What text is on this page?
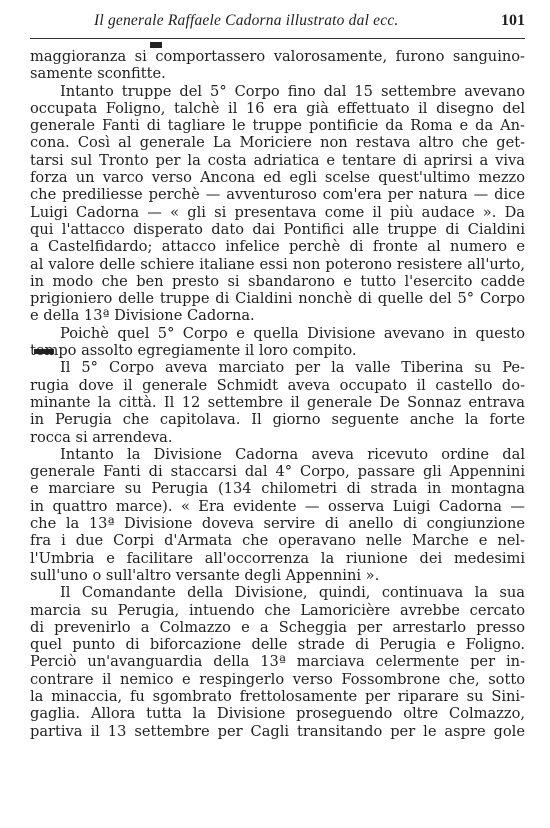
Il generale Raffaele Cadorna illustrato dal ecc.	101
maggioranza si comportassero valorosamente, furono sanguino-
samente sconfitte.
Intanto truppe del 5° Corpo fino dal 15 settembre avevano
occupata Foligno, talchè il 16 era già effettuato il disegno del
generale Fanti di tagliare le truppe pontificie da Roma e da An-
cona. Così al generale La Moriciere non restava altro che get-
tarsi sul Tronto per la costa adriatica e tentare di aprirsi a viva
forza un varco verso Ancona ed egli scelse quest'ultimo mezzo
che prediliesse perchè — avventuroso com'era per natura — dice
Luigi Cadorna — « gli si presentava come il più audace ». Da
qui l'attacco disperato dato dai Pontifici alle truppe di Cialdini
a Castelfidardo; attacco infelice perchè di fronte al numero e
al valore delle schiere italiane essi non poterono resistere all'urto,
in modo che ben presto si sbandarono e tutto l'esercito cadde
prigioniero delle truppe di Cialdini nonchè di quelle del 5° Corpo
e della 13ª Divisione Cadorna.
Poichè quel 5° Corpo e quella Divisione avevano in questo
tempo assolto egregiamente il loro compito.
Il 5° Corpo aveva marciato per la valle Tiberina su Pe-
rugia dove il generale Schmidt aveva occupato il castello do-
minante la città. Il 12 settembre il generale De Sonnaz entrava
in Perugia che capitolava. Il giorno seguente anche la forte
rocca si arrendeva.
Intanto la Divisione Cadorna aveva ricevuto ordine dal
generale Fanti di staccarsi dal 4° Corpo, passare gli Appennini
e marciare su Perugia (134 chilometri di strada in montagna
in quattro marce). « Era evidente — osserva Luigi Cadorna —
che la 13ª Divisione doveva servire di anello di congiunzione
fra i due Corpi d'Armata che operavano nelle Marche e nel-
l'Umbria e facilitare all'occorrenza la riunione dei medesimi
sull'uno o sull'altro versante degli Appennini ».
Il Comandante della Divisione, quindi, continuava la sua
marcia su Perugia, intuendo che Lamoricière avrebbe cercato
di prevenirlo a Colmazzo e a Scheggia per arrestarlo presso
quel punto di biforcazione delle strade di Perugia e Foligno.
Perciò un'avanguardia della 13ª marciava celermente per in-
contrare il nemico e respingerlo verso Fossombrone che, sotto
la minaccia, fu sgombrato frettolosamente per riparare su Sini-
gaglia. Allora tutta la Divisione proseguendo oltre Colmazzo,
partiva il 13 settembre per Cagli transitando per le aspre gole
